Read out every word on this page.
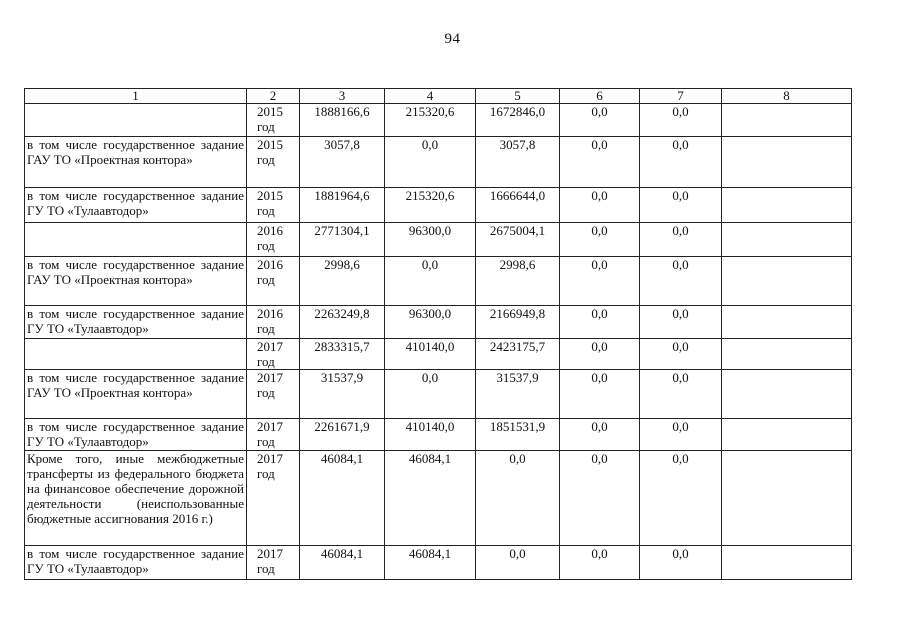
94
1	2	3	4	5	6	7	8
	2015 год	1888166,6	215320,6	1672846,0	0,0	0,0	
в том числе государственное задание ГАУ ТО «Проектная контора»	2015 год	3057,8	0,0	3057,8	0,0	0,0	
в том числе государственное задание ГУ ТО «Тулаавтодор»	2015 год	1881964,6	215320,6	1666644,0	0,0	0,0	
	2016 год	2771304,1	96300,0	2675004,1	0,0	0,0	
в том числе государственное задание ГАУ ТО «Проектная контора»	2016 год	2998,6	0,0	2998,6	0,0	0,0	
в том числе государственное задание ГУ ТО «Тулаавтодор»	2016 год	2263249,8	96300,0	2166949,8	0,0	0,0	
	2017 год	2833315,7	410140,0	2423175,7	0,0	0,0	
в том числе государственное задание ГАУ ТО «Проектная контора»	2017 год	31537,9	0,0	31537,9	0,0	0,0	
в том числе государственное задание ГУ ТО «Тулаавтодор»	2017 год	2261671,9	410140,0	1851531,9	0,0	0,0	
Кроме того, иные межбюджетные трансферты из федерального бюджета на финансовое обеспечение дорожной деятельности (неиспользованные бюджетные ассигнования 2016 г.)	2017 год	46084,1	46084,1	0,0	0,0	0,0	
в том числе государственное задание ГУ ТО «Тулаавтодор»	2017 год	46084,1	46084,1	0,0	0,0	0,0	
